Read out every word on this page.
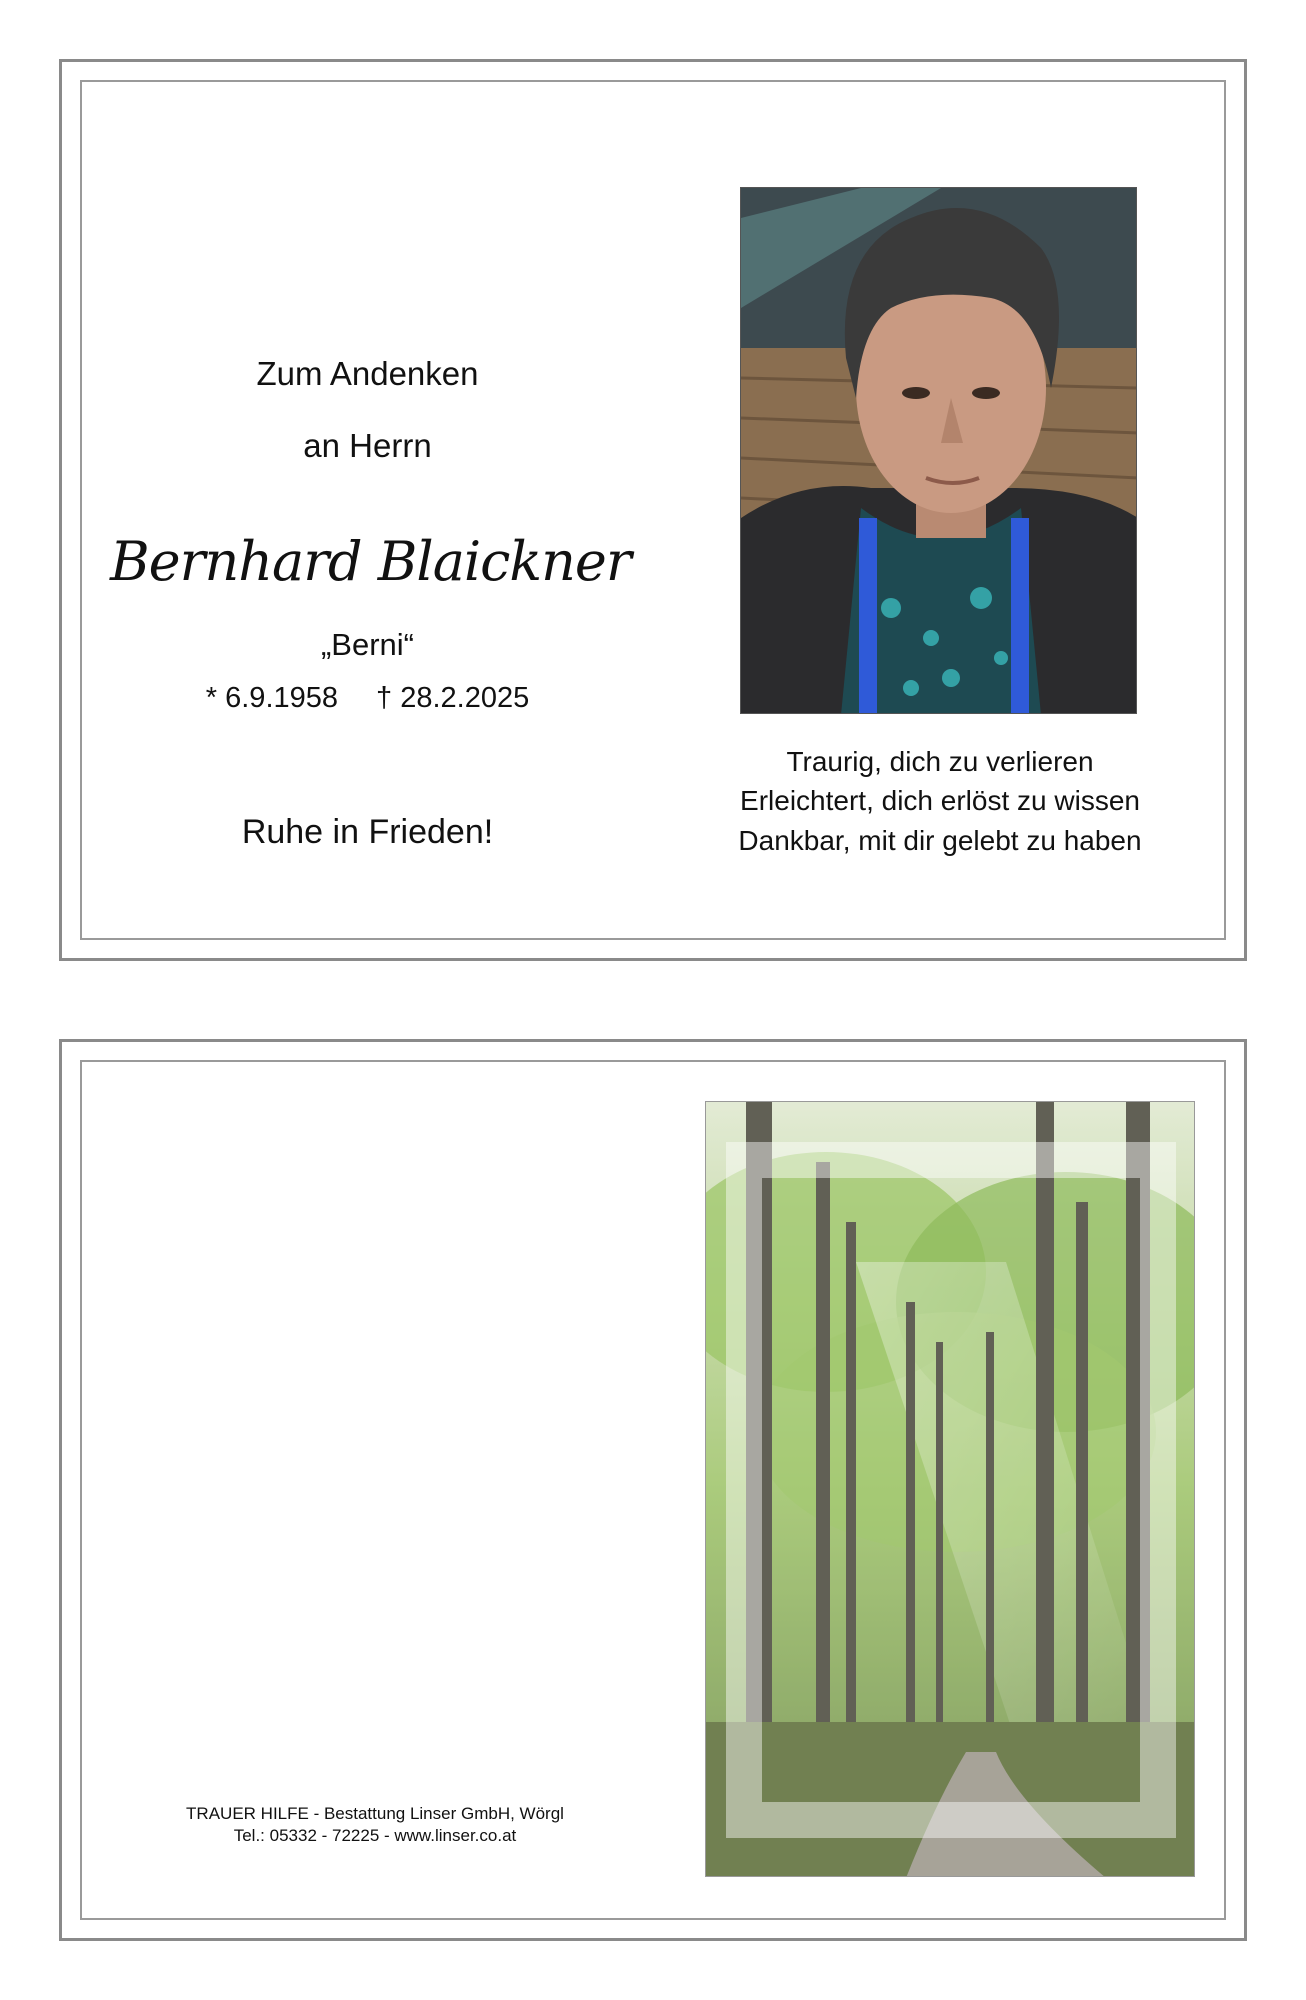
Zum Andenken
an Herrn
Bernhard Blaickner
„Berni“
* 6.9.1958 † 28.2.2025
Ruhe in Frieden!
Traurig, dich zu verlieren
Erleichtert, dich erlöst zu wissen
Dankbar, mit dir gelebt zu haben
TRAUER HILFE - Bestattung Linser GmbH, Wörgl
Tel.: 05332 - 72225 - www.linser.co.at
